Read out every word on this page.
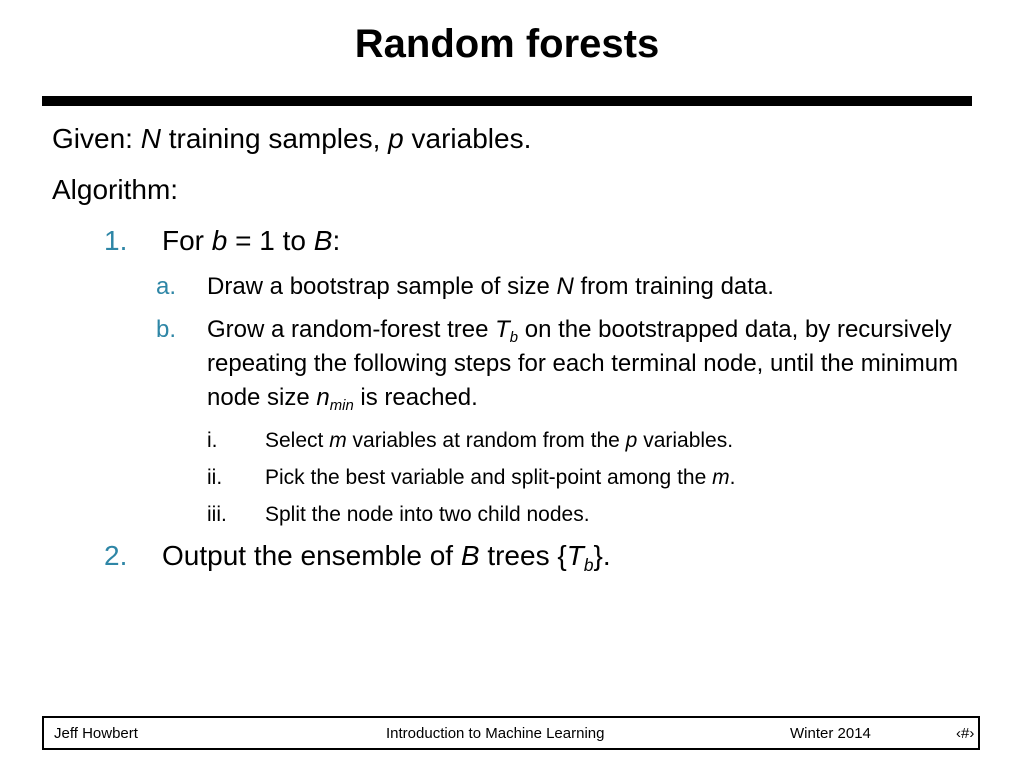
Random forests
Given: N training samples, p variables.
Algorithm:
1. For b = 1 to B:
a. Draw a bootstrap sample of size N from training data.
b. Grow a random-forest tree $T_b$ on the bootstrapped data, by recursively repeating the following steps for each terminal node, until the minimum node size $n_{min}$ is reached.
i. Select m variables at random from the p variables.
ii. Pick the best variable and split-point among the m.
iii. Split the node into two child nodes.
2. Output the ensemble of B trees $\{T_b\}$.
Jeff Howbert	Introduction to Machine Learning	Winter 2014	‹#›
